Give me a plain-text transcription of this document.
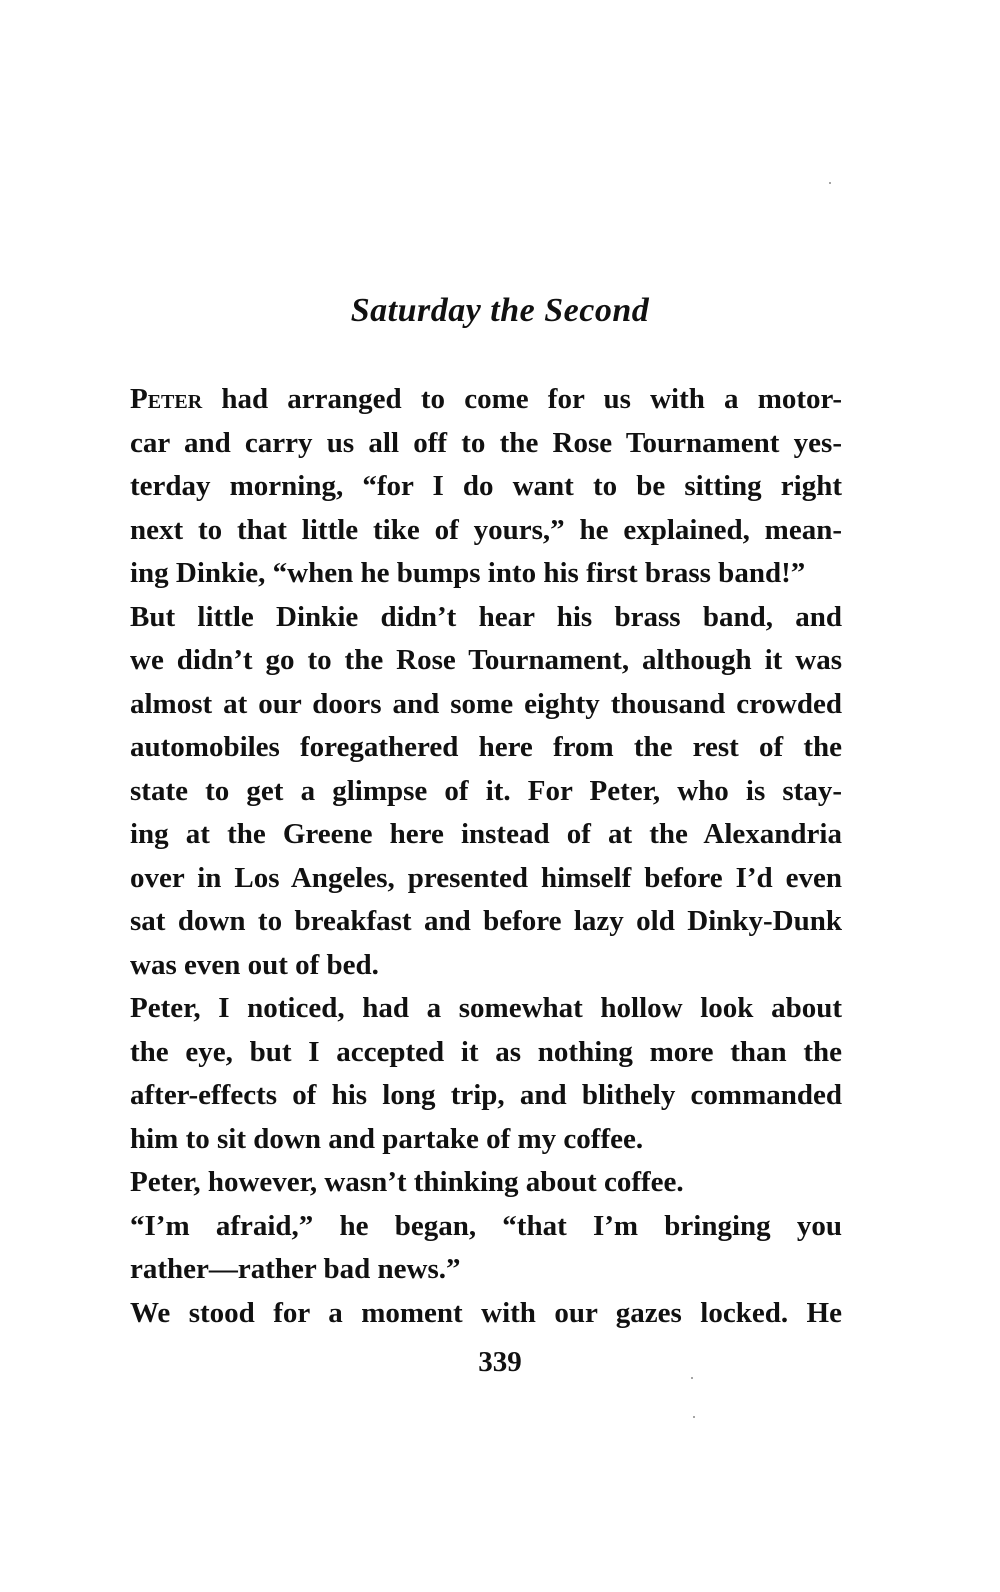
Saturday the Second
Peter had arranged to come for us with a motor-
car and carry us all off to the Rose Tournament yes-
terday morning, “for I do want to be sitting right
next to that little tike of yours,” he explained, mean-
ing Dinkie, “when he bumps into his first brass band!”
But little Dinkie didn’t hear his brass band, and
we didn’t go to the Rose Tournament, although it was
almost at our doors and some eighty thousand crowded
automobiles foregathered here from the rest of the
state to get a glimpse of it. For Peter, who is stay-
ing at the Greene here instead of at the Alexandria
over in Los Angeles, presented himself before I’d even
sat down to breakfast and before lazy old Dinky-Dunk
was even out of bed.
Peter, I noticed, had a somewhat hollow look about
the eye, but I accepted it as nothing more than the
after-effects of his long trip, and blithely commanded
him to sit down and partake of my coffee.
Peter, however, wasn’t thinking about coffee.
“I’m afraid,” he began, “that I’m bringing you
rather—rather bad news.”
We stood for a moment with our gazes locked. He
339
